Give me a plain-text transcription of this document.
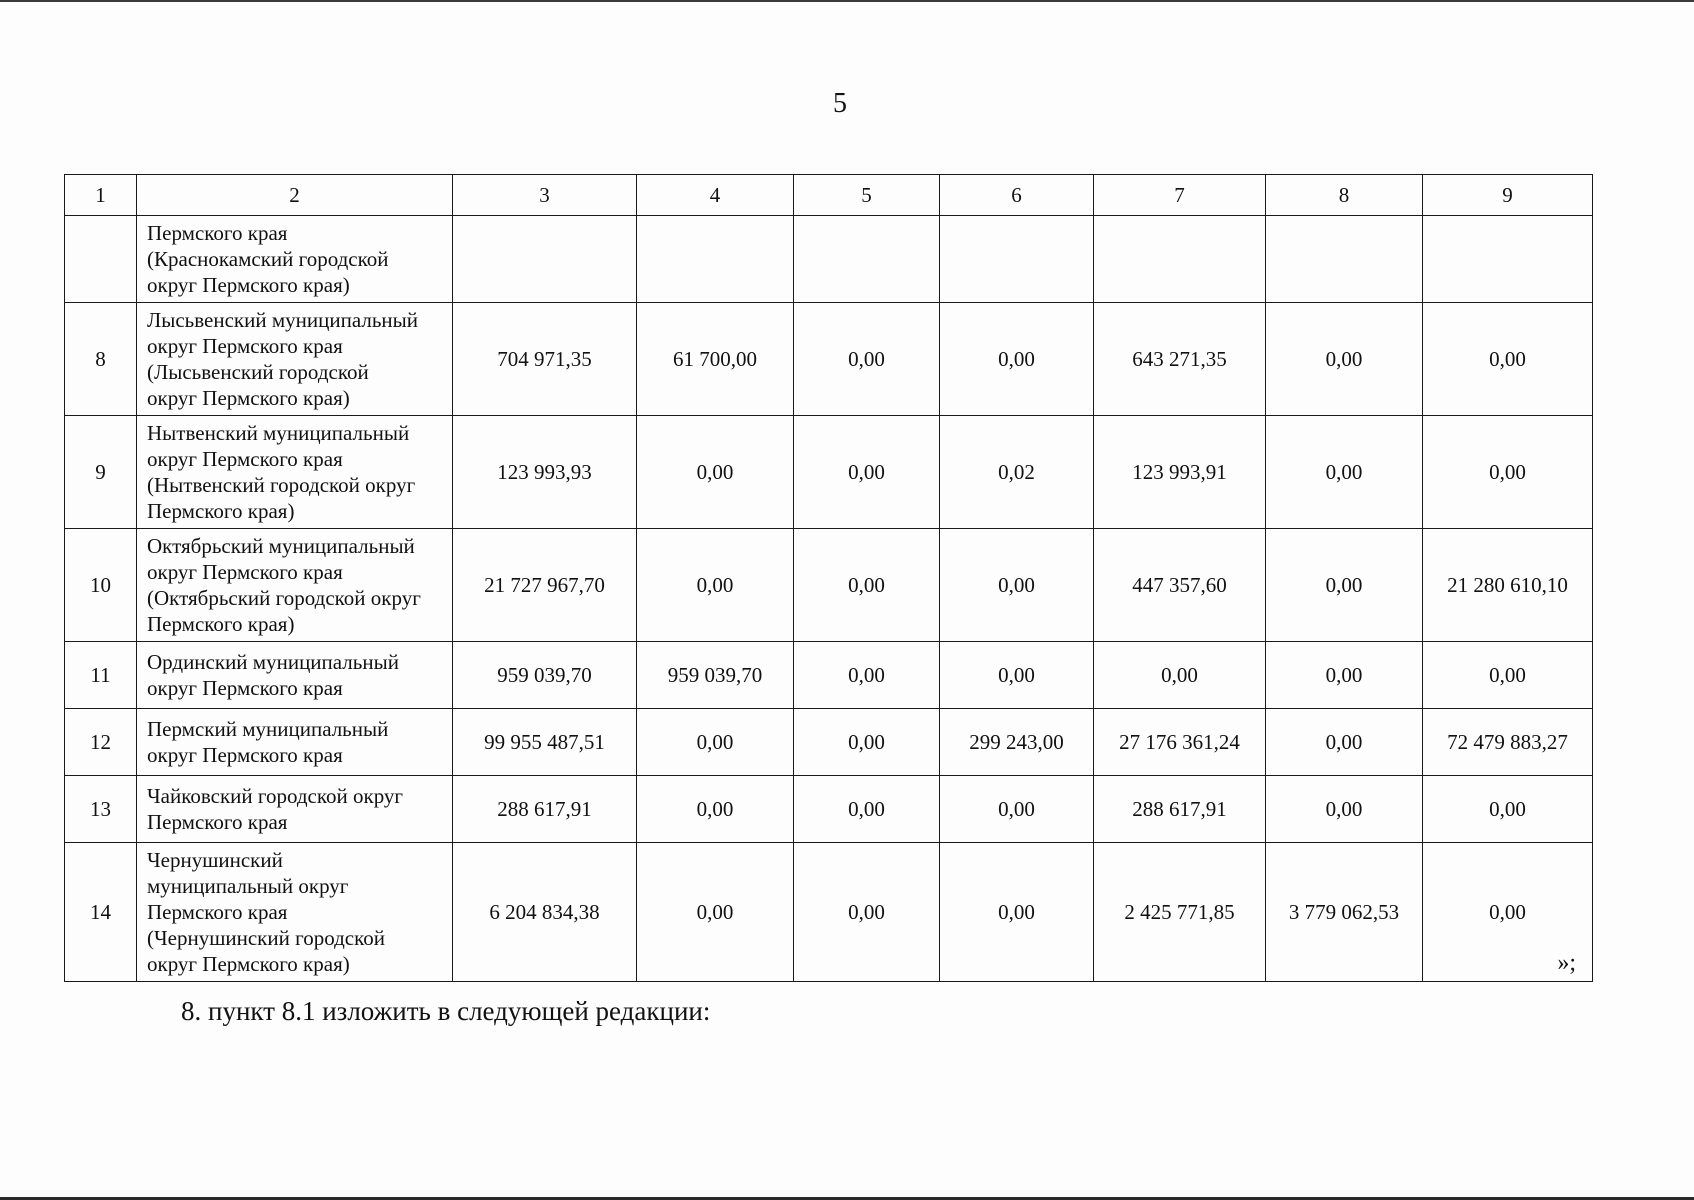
5
1	2	3	4	5	6	7	8	9
	Пермского края
(Краснокамский городской
округ Пермского края)							
8	Лысьвенский муниципальный
округ Пермского края
(Лысьвенский городской
округ Пермского края)	704 971,35	61 700,00	0,00	0,00	643 271,35	0,00	0,00
9	Нытвенский муниципальный
округ Пермского края
(Нытвенский городской округ
Пермского края)	123 993,93	0,00	0,00	0,02	123 993,91	0,00	0,00
10	Октябрьский муниципальный
округ Пермского края
(Октябрьский городской округ
Пермского края)	21 727 967,70	0,00	0,00	0,00	447 357,60	0,00	21 280 610,10
11	Ординский муниципальный
округ Пермского края	959 039,70	959 039,70	0,00	0,00	0,00	0,00	0,00
12	Пермский муниципальный
округ Пермского края	99 955 487,51	0,00	0,00	299 243,00	27 176 361,24	0,00	72 479 883,27
13	Чайковский городской округ
Пермского края	288 617,91	0,00	0,00	0,00	288 617,91	0,00	0,00
14	Чернушинский
муниципальный округ
Пермского края
(Чернушинский городской
округ Пермского края)	6 204 834,38	0,00	0,00	0,00	2 425 771,85	3 779 062,53	0,00
»;
8. пункт 8.1 изложить в следующей редакции:
